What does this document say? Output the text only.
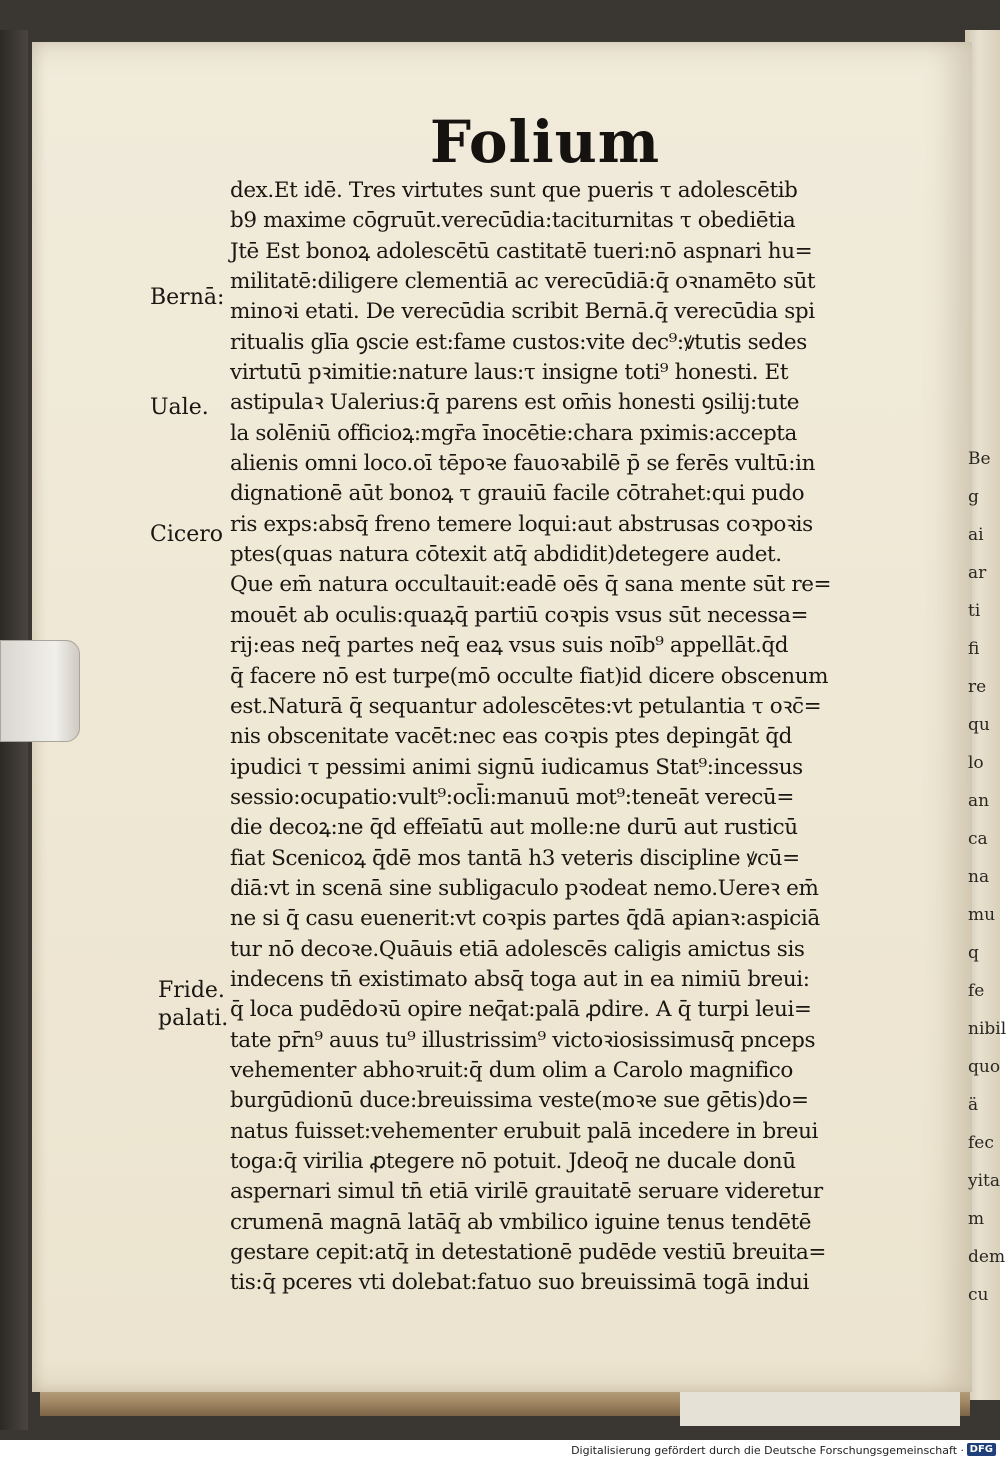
Be
g
ai
ar
ti
fi
re
qu
lo
an
ca
na
mu
q fe
nibil
quo
ä fec
yita m
dem cu
Folium
dex.Et idē. Tres virtutes sunt que pueris τ adolescētib
b9 maxime cōgruūt.verecūdia:taciturnitas τ obediētia
Jtē Est bonoꝝ adolescētū castitatē tueri:nō aspnari hu=
militatē:diligere clementiā ac verecūdiā:q̄ oꝛnamēto sūt
minoꝛi etati. De verecūdia scribit Bernā.q̄ verecūdia spi
ritualis glīa ꝯscie est:fame custos:vite dec⁹:ꝟtutis sedes
virtutū pꝛimitie:nature laus:τ insigne toti⁹ honesti. Et
astipulaꝛ Ualerius:q̄ parens est om̄is honesti ꝯsilij:tute
la solēniū officioꝝ:mgr̄a īnocētie:chara pximis:accepta
alienis omni loco.oī tēpoꝛe fauoꝛabilē p̄ se ferēs vultū:in
dignationē aūt bonoꝝ τ grauiū facile cōtrahet:qui pudo
ris exps:absq̄ freno temere loqui:aut abstrusas coꝛpoꝛis
ptes(quas natura cōtexit atq̄ abdidit)detegere audet.
Que em̄ natura occultauit:eadē oēs q̄ sana mente sūt re=
mouēt ab oculis:quaꝝq̄ partiū coꝛpis vsus sūt necessa=
rij:eas neq̄ partes neq̄ eaꝝ vsus suis noīb⁹ appellāt.q̄d
q̄ facere nō est turpe(mō occulte fiat)id dicere obscenum
est.Naturā q̄ sequantur adolescētes:vt petulantia τ oꝛc̄=
nis obscenitate vacēt:nec eas coꝛpis ptes depingāt q̄d
ipudici τ pessimi animi signū iudicamus Stat⁹:incessus
sessio:ocupatio:vult⁹:ocl̄i:manuū mot⁹:teneāt verecū=
die decoꝝ:ne q̄d effeīatū aut molle:ne durū aut rusticū
fiat Scenicoꝝ q̄dē mos tantā h3 veteris discipline ꝟcū=
diā:vt in scenā sine subligaculo pꝛodeat nemo.Uereꝛ em̄
ne si q̄ casu euenerit:vt coꝛpis partes q̄dā apianꝛ:aspiciā
tur nō decoꝛe.Quāuis etiā adolescēs caligis amictus sis
indecens tn̄ existimato absq̄ toga aut in ea nimiū breui:
q̄ loca pudēdoꝛū opire neq̄at:palā ꝓdire. A q̄ turpi leui=
tate pr̄n⁹ auus tu⁹ illustrissim⁹ victoꝛiosissimusq̄ pnceps
vehementer abhoꝛruit:q̄ dum olim a Carolo magnifico
burgūdionū duce:breuissima veste(moꝛe sue gētis)do=
natus fuisset:vehementer erubuit palā incedere in breui
toga:q̄ virilia ꝓtegere nō potuit. Jdeoq̄ ne ducale donū
aspernari simul tn̄ etiā virilē grauitatē seruare videretur
crumenā magnā latāq̄ ab vmbilico iguine tenus tendētē
gestare cepit:atq̄ in detestationē pudēde vestiū breuita=
tis:q̄ pceres vti dolebat:fatuo suo breuissimā togā indui
Bernā:
Uale.
Cicero
Fride.
palati.
Digitalisierung gefördert durch die Deutsche Forschungsgemeinschaft · DFG
